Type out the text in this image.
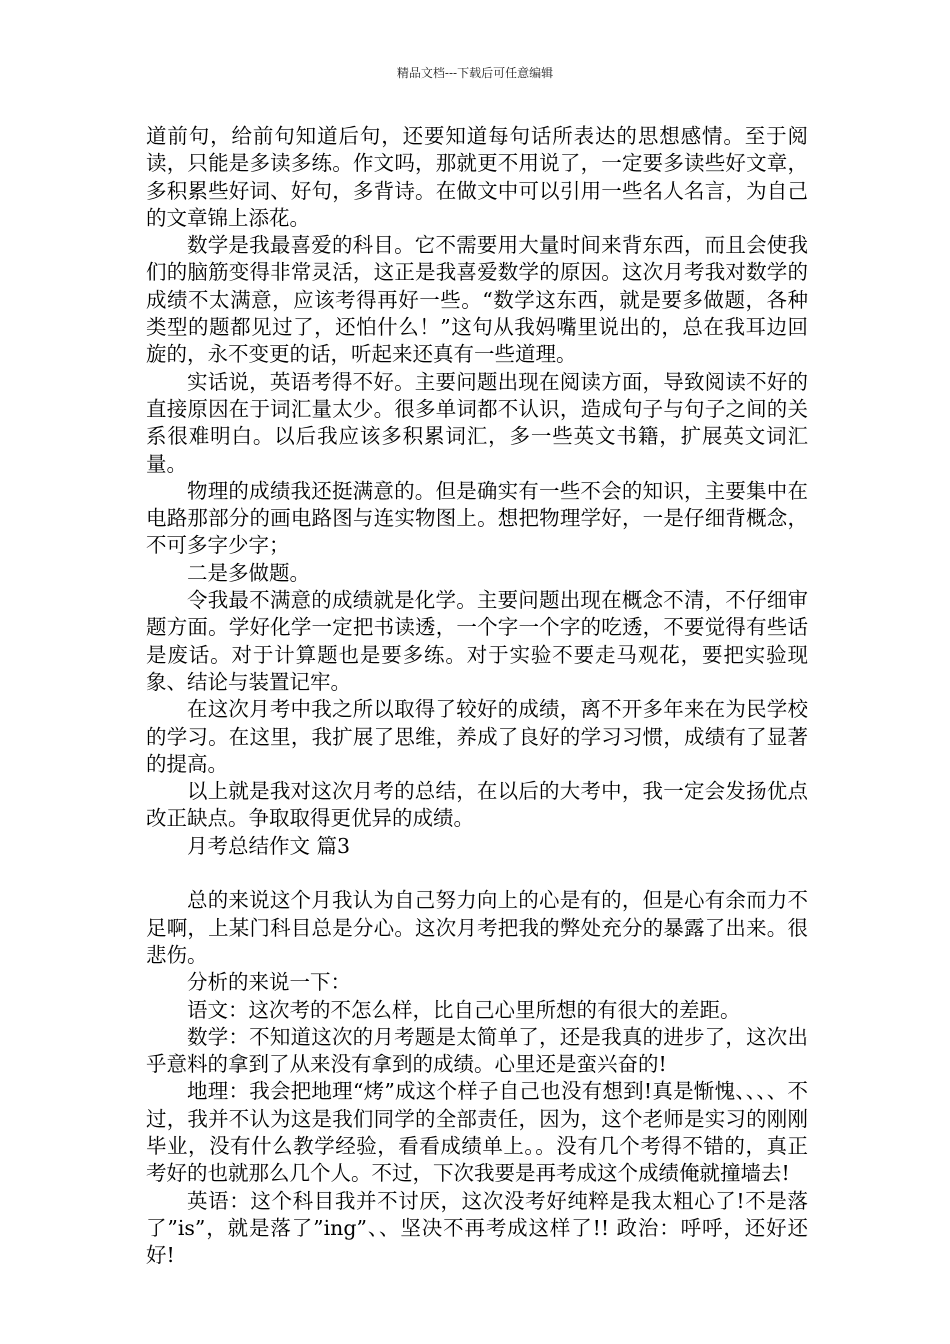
精品文档---下载后可任意编辑

道前句，给前句知道后句，还要知道每句话所表达的思想感情。至于阅读，只能是多读多练。作文吗，那就更不用说了，一定要多读些好文章，多积累些好词、好句，多背诗。在做文中可以引用一些名人名言，为自己的文章锦上添花。

数学是我最喜爱的科目。它不需要用大量时间来背东西，而且会使我们的脑筋变得非常灵活，这正是我喜爱数学的原因。这次月考我对数学的成绩不太满意，应该考得再好一些。“数学这东西，就是要多做题，各种类型的题都见过了，还怕什么！”这句从我妈嘴里说出的，总在我耳边回旋的，永不变更的话，听起来还真有一些道理。

实话说，英语考得不好。主要问题出现在阅读方面，导致阅读不好的直接原因在于词汇量太少。很多单词都不认识，造成句子与句子之间的关系很难明白。以后我应该多积累词汇，多一些英文书籍，扩展英文词汇量。

物理的成绩我还挺满意的。但是确实有一些不会的知识，主要集中在电路那部分的画电路图与连实物图上。想把物理学好，一是仔细背概念，不可多字少字；

二是多做题。

令我最不满意的成绩就是化学。主要问题出现在概念不清，不仔细审题方面。学好化学一定把书读透，一个字一个字的吃透，不要觉得有些话是废话。对于计算题也是要多练。对于实验不要走马观花，要把实验现象、结论与装置记牢。

在这次月考中我之所以取得了较好的成绩，离不开多年来在为民学校的学习。在这里，我扩展了思维，养成了良好的学习习惯，成绩有了显著的提高。

以上就是我对这次月考的总结，在以后的大考中，我一定会发扬优点改正缺点。争取取得更优异的成绩。

月考总结作文 篇3

总的来说这个月我认为自己努力向上的心是有的，但是心有余而力不足啊，上某门科目总是分心。这次月考把我的弊处充分的暴露了出来。很悲伤。

分析的来说一下：

语文：这次考的不怎么样，比自己心里所想的有很大的差距。

数学：不知道这次的月考题是太简单了，还是我真的进步了，这次出乎意料的拿到了从来没有拿到的成绩。心里还是蛮兴奋的!

地理：我会把地理“烤”成这个样子自己也没有想到!真是惭愧、、、、不过，我并不认为这是我们同学的全部责任，因为，这个老师是实习的刚刚毕业，没有什么教学经验，看看成绩单上。。没有几个考得不错的，真正考好的也就那么几个人。不过，下次我要是再考成这个成绩俺就撞墙去!

英语：这个科目我并不讨厌，这次没考好纯粹是我太粗心了!不是落了”is”，就是落了”ing”、、坚决不再考成这样了!! 政治：呼呼，还好还好!
